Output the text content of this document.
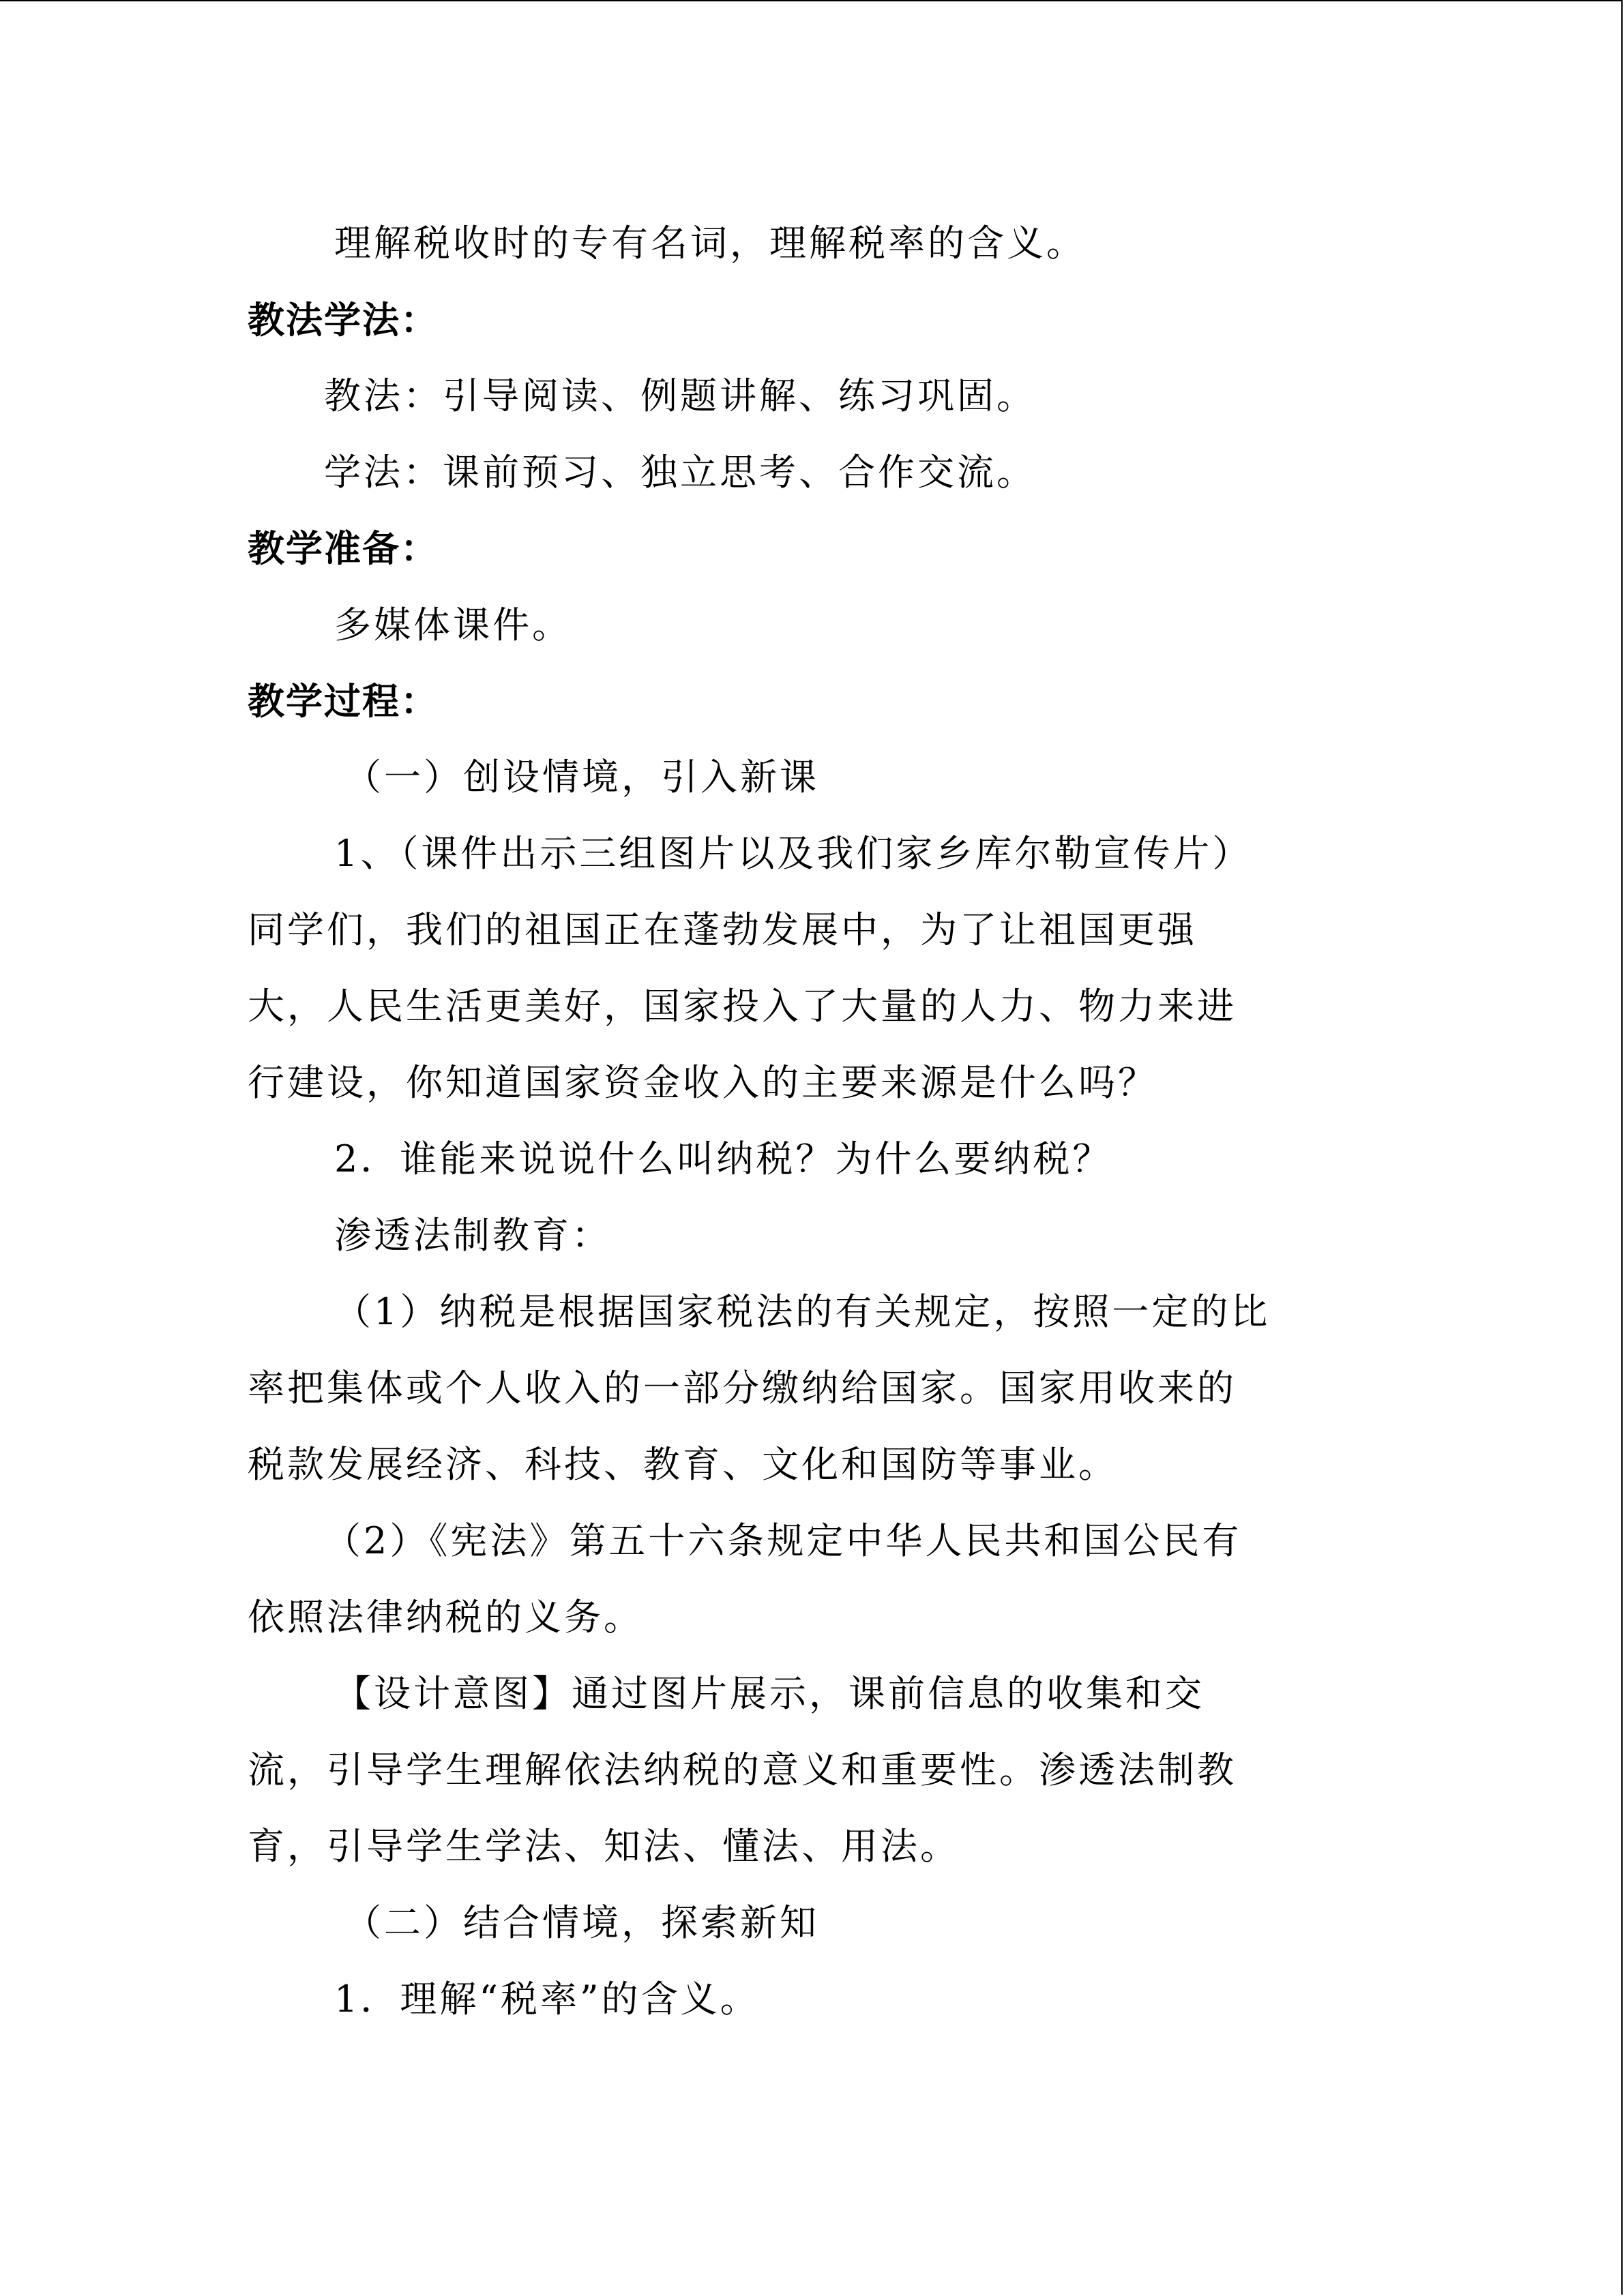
理解税收时的专有名词，理解税率的含义。
教法学法：
教法：引导阅读、例题讲解、练习巩固。
学法：课前预习、独立思考、合作交流。
教学准备：
多媒体课件。
教学过程：
（一）创设情境，引入新课
1、（课件出示三组图片以及我们家乡库尔勒宣传片）
同学们，我们的祖国正在蓬勃发展中，为了让祖国更强
大，人民生活更美好，国家投入了大量的人力、物力来进
行建设，你知道国家资金收入的主要来源是什么吗？
2．谁能来说说什么叫纳税？为什么要纳税？
渗透法制教育：
（1）纳税是根据国家税法的有关规定，按照一定的比
率把集体或个人收入的一部分缴纳给国家。国家用收来的
税款发展经济、科技、教育、文化和国防等事业。
（2）《宪法》第五十六条规定中华人民共和国公民有
依照法律纳税的义务。
【设计意图】通过图片展示，课前信息的收集和交
流，引导学生理解依法纳税的意义和重要性。渗透法制教
育，引导学生学法、知法、懂法、用法。
（二）结合情境，探索新知
1．理解“税率”的含义。
